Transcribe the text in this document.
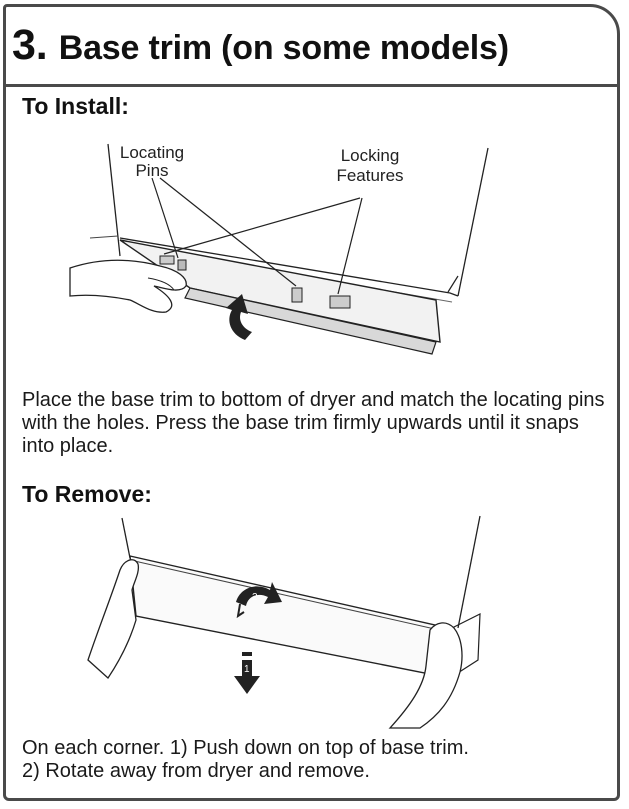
3. Base trim (on some models)
To Install:
Locating
Pins
Locking
Features
Place the base trim to bottom of dryer and match the locating pins with the holes. Press the base trim firmly upwards until it snaps into place.
To Remove:
2
1
On each corner. 1) Push down on top of base trim.
2) Rotate away from dryer and remove.
